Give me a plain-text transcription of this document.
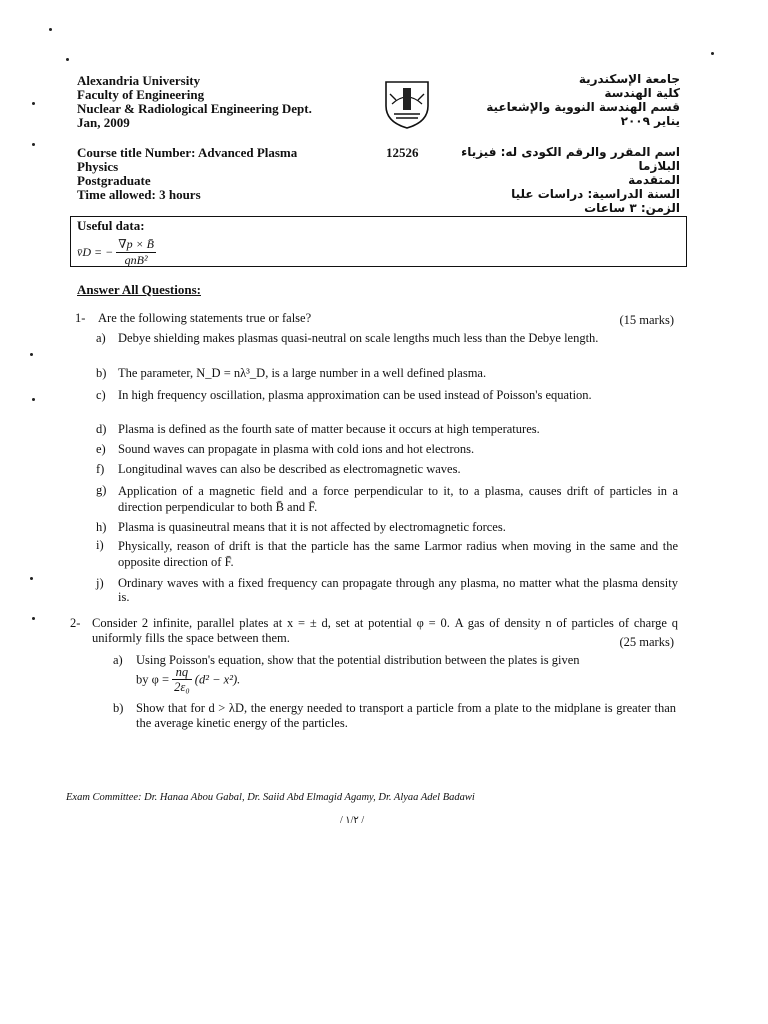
Alexandria University
Faculty of Engineering
Nuclear & Radiological Engineering Dept.
Jan, 2009
جامعة الإسكندرية
كلية الهندسة
قسم الهندسة النووية والإشعاعية
يناير ٢٠٠٩
Course title Number: Advanced Plasma
Physics
Postgraduate
Time allowed: 3 hours
12526	اسم المقرر والرقم الكودى له: فيزياء البلازما
المتقدمة
السنة الدراسية: دراسات عليا
الزمن: ٣ ساعات
Useful data:
v̄D = − $\frac{\nabla p \times B̄}{\text{qnB²}}$
Answer All Questions:
1- Are the following statements true or false?	(15 marks)
a) Debye shielding makes plasmas quasi-neutral on scale lengths much less than the Debye length.
b) The parameter, N_D = nλ³_D, is a large number in a well defined plasma.
c) In high frequency oscillation, plasma approximation can be used instead of Poisson's equation.
d) Plasma is defined as the fourth sate of matter because it occurs at high temperatures.
e) Sound waves can propagate in plasma with cold ions and hot electrons.
f) Longitudinal waves can also be described as electromagnetic waves.
g) Application of a magnetic field and a force perpendicular to it, to a plasma, causes drift of particles in a direction perpendicular to both B̄ and F̄.
h) Plasma is quasineutral means that it is not affected by electromagnetic forces.
i) Physically, reason of drift is that the particle has the same Larmor radius when moving in the same and the opposite direction of F̄.
j) Ordinary waves with a fixed frequency can propagate through any plasma, no matter what the plasma density is.
2- Consider 2 infinite, parallel plates at x = ± d, set at potential φ = 0. A gas of density n of particles of charge q uniformly fills the space between them.	(25 marks)
a) Using Poisson's equation, show that the potential distribution between the plates is given
by $\varphi = \frac{nq}{\text{2ε₀}} (d^2 - x^2)$.
b) Show that for d > λD, the energy needed to transport a particle from a plate to the midplane is greater than the average kinetic energy of the particles.
Exam Committee: Dr. Hanaa Abou Gabal, Dr. Saiid Abd Elmagid Agamy, Dr. Alyaa Adel Badawi
/ ١/٢ /
